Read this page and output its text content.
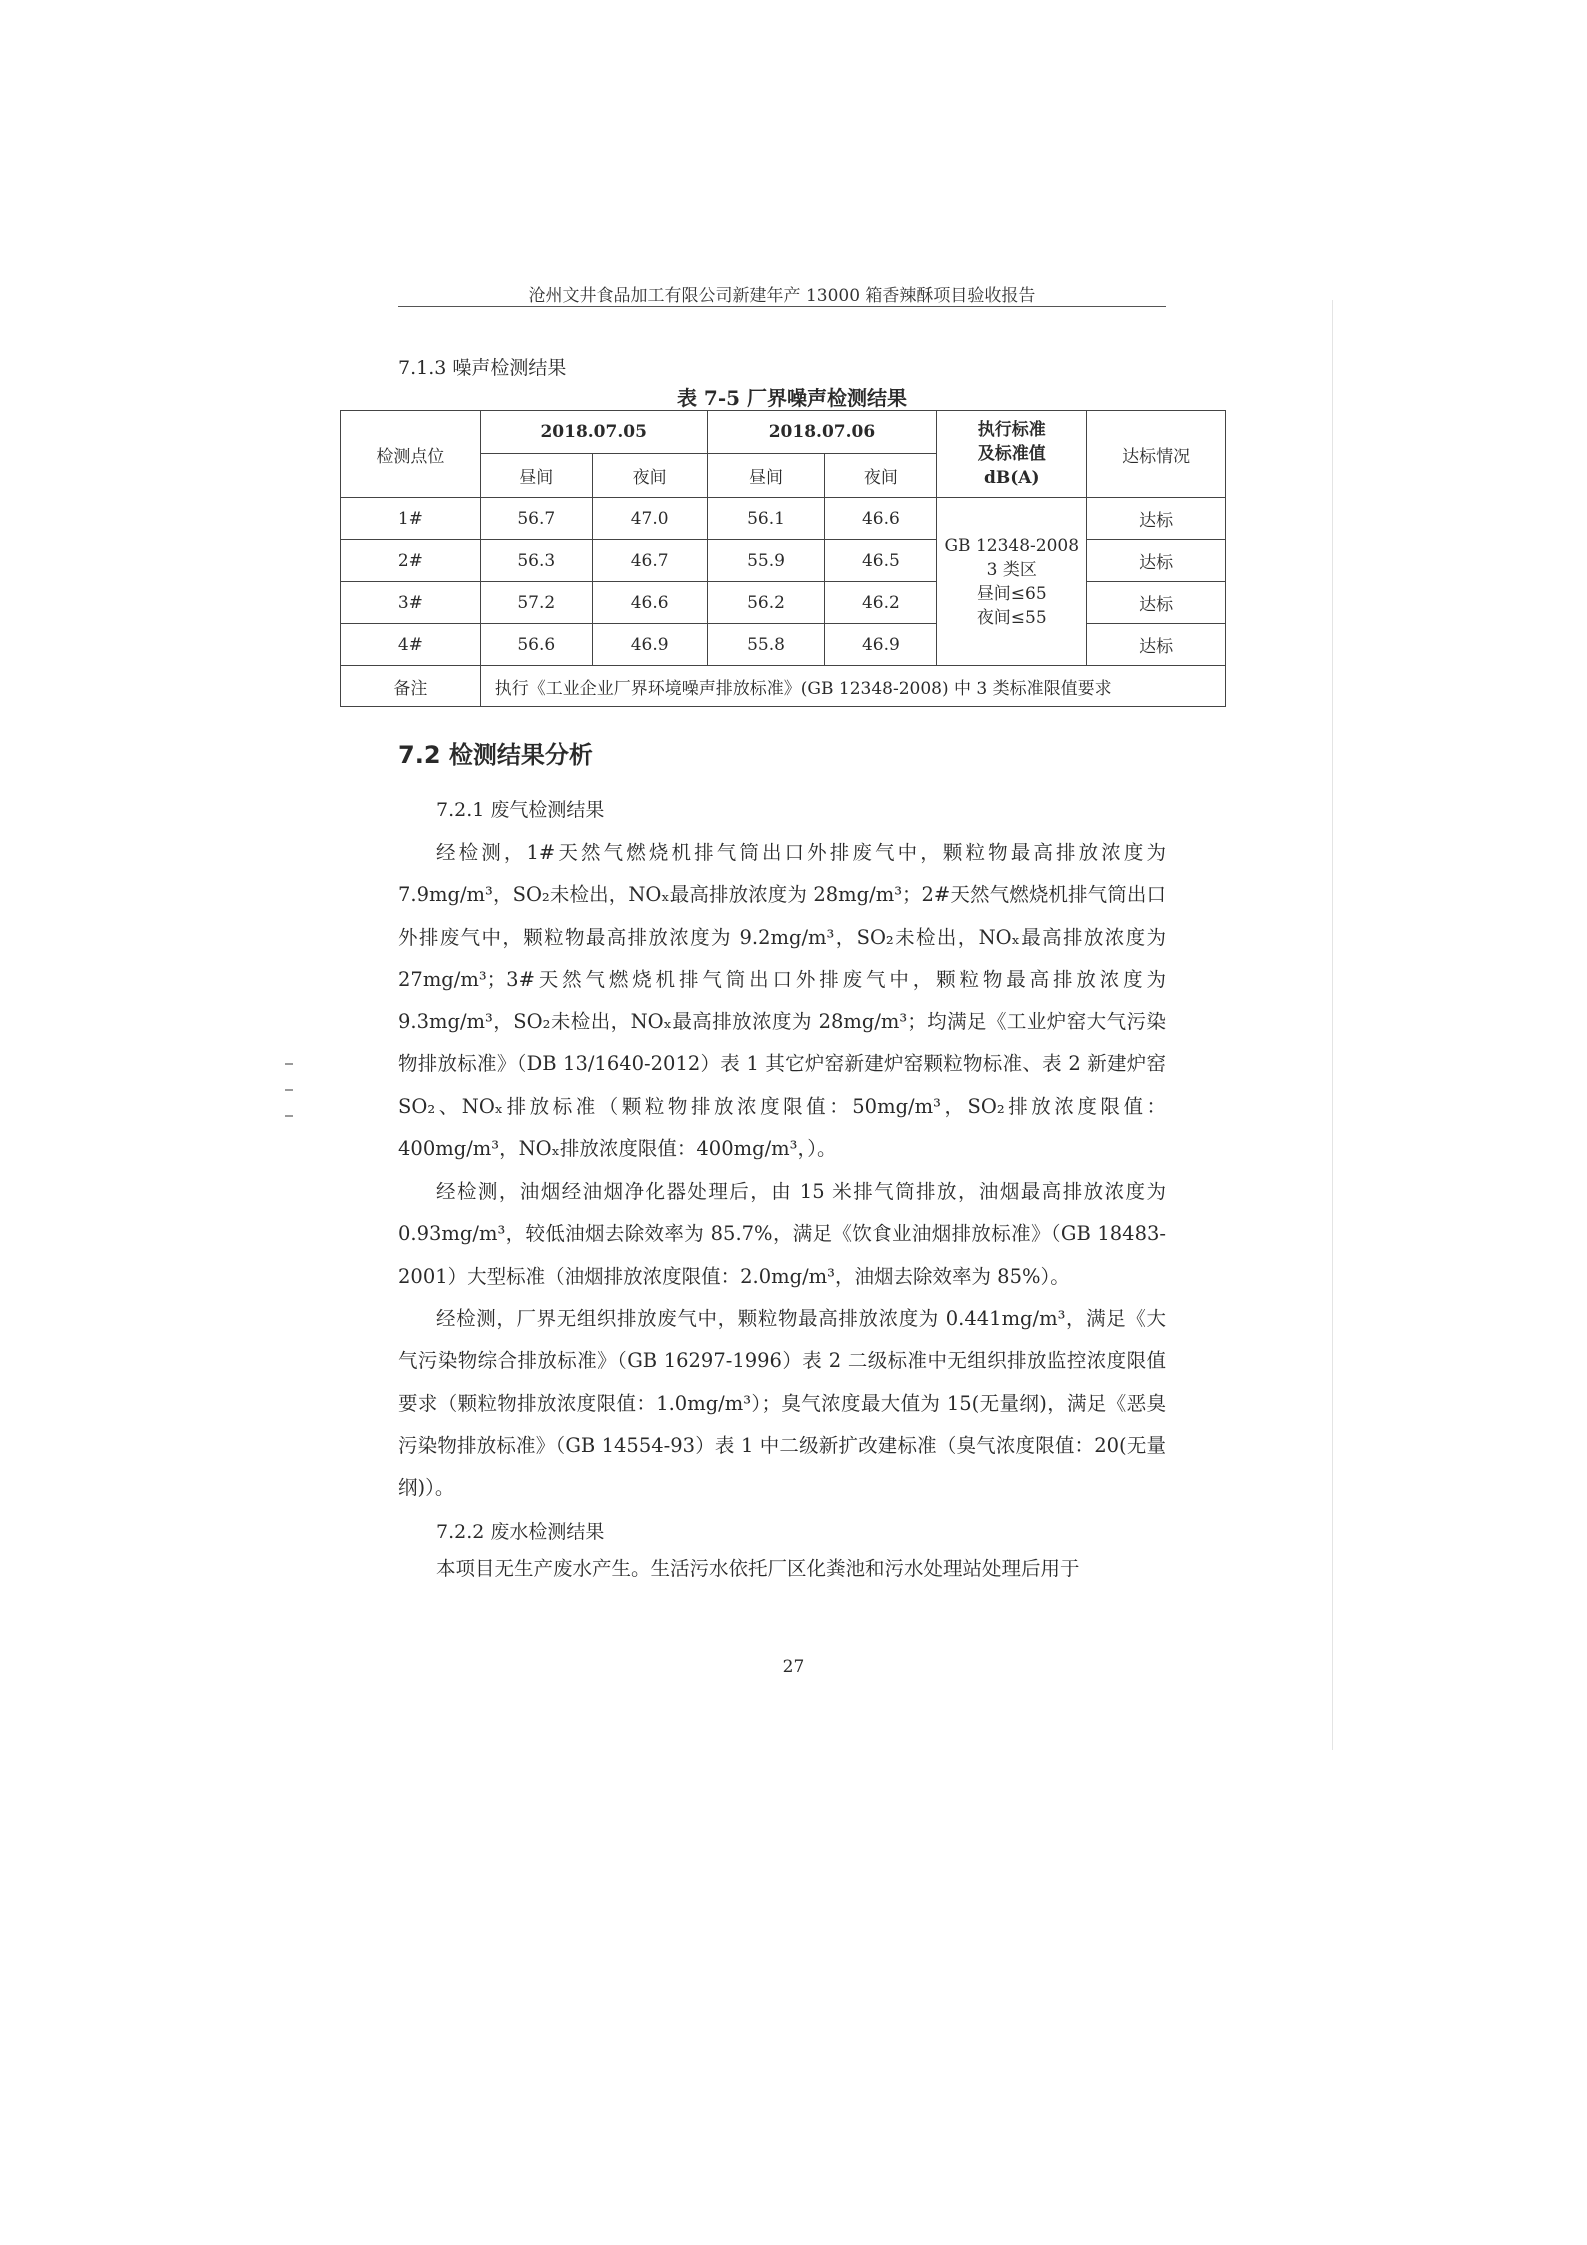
沧州文井食品加工有限公司新建年产 13000 箱香辣酥项目验收报告
7.1.3 噪声检测结果
表 7-5 厂界噪声检测结果
检测点位	2018.07.05		2018.07.06		执行标准
及标准值
dB(A)	达标情况
	昼间	夜间	昼间	夜间		
1#	56.7	47.0	56.1	46.6	GB 12348-2008
3 类区
昼间≤65
夜间≤55	达标
2#	56.3	46.7	55.9	46.5		达标
3#	57.2	46.6	56.2	46.2		达标
4#	56.6	46.9	55.8	46.9		达标
备注	执行《工业企业厂界环境噪声排放标准》(GB 12348-2008) 中 3 类标准限值要求					
7.2 检测结果分析
7.2.1 废气检测结果
经检测，1#天然气燃烧机排气筒出口外排废气中，颗粒物最高排放浓度为 7.9mg/m³，SO₂未检出，NOₓ最高排放浓度为 28mg/m³；2#天然气燃烧机排气筒出口外排废气中，颗粒物最高排放浓度为 9.2mg/m³，SO₂未检出，NOₓ最高排放浓度为 27mg/m³；3#天然气燃烧机排气筒出口外排废气中，颗粒物最高排放浓度为 9.3mg/m³，SO₂未检出，NOₓ最高排放浓度为 28mg/m³；均满足《工业炉窑大气污染物排放标准》（DB 13/1640-2012）表 1 其它炉窑新建炉窑颗粒物标准、表 2 新建炉窑 SO₂、NOₓ排放标准（颗粒物排放浓度限值：50mg/m³，SO₂排放浓度限值：400mg/m³，NOₓ排放浓度限值：400mg/m³，）。
经检测，油烟经油烟净化器处理后，由 15 米排气筒排放，油烟最高排放浓度为 0.93mg/m³，较低油烟去除效率为 85.7%，满足《饮食业油烟排放标准》（GB 18483-2001）大型标准（油烟排放浓度限值：2.0mg/m³，油烟去除效率为 85%）。
经检测，厂界无组织排放废气中，颗粒物最高排放浓度为 0.441mg/m³，满足《大气污染物综合排放标准》（GB 16297-1996）表 2 二级标准中无组织排放监控浓度限值要求（颗粒物排放浓度限值：1.0mg/m³）；臭气浓度最大值为 15(无量纲)，满足《恶臭污染物排放标准》（GB 14554-93）表 1 中二级新扩改建标准（臭气浓度限值：20(无量纲)）。
7.2.2 废水检测结果
本项目无生产废水产生。生活污水依托厂区化粪池和污水处理站处理后用于
27
